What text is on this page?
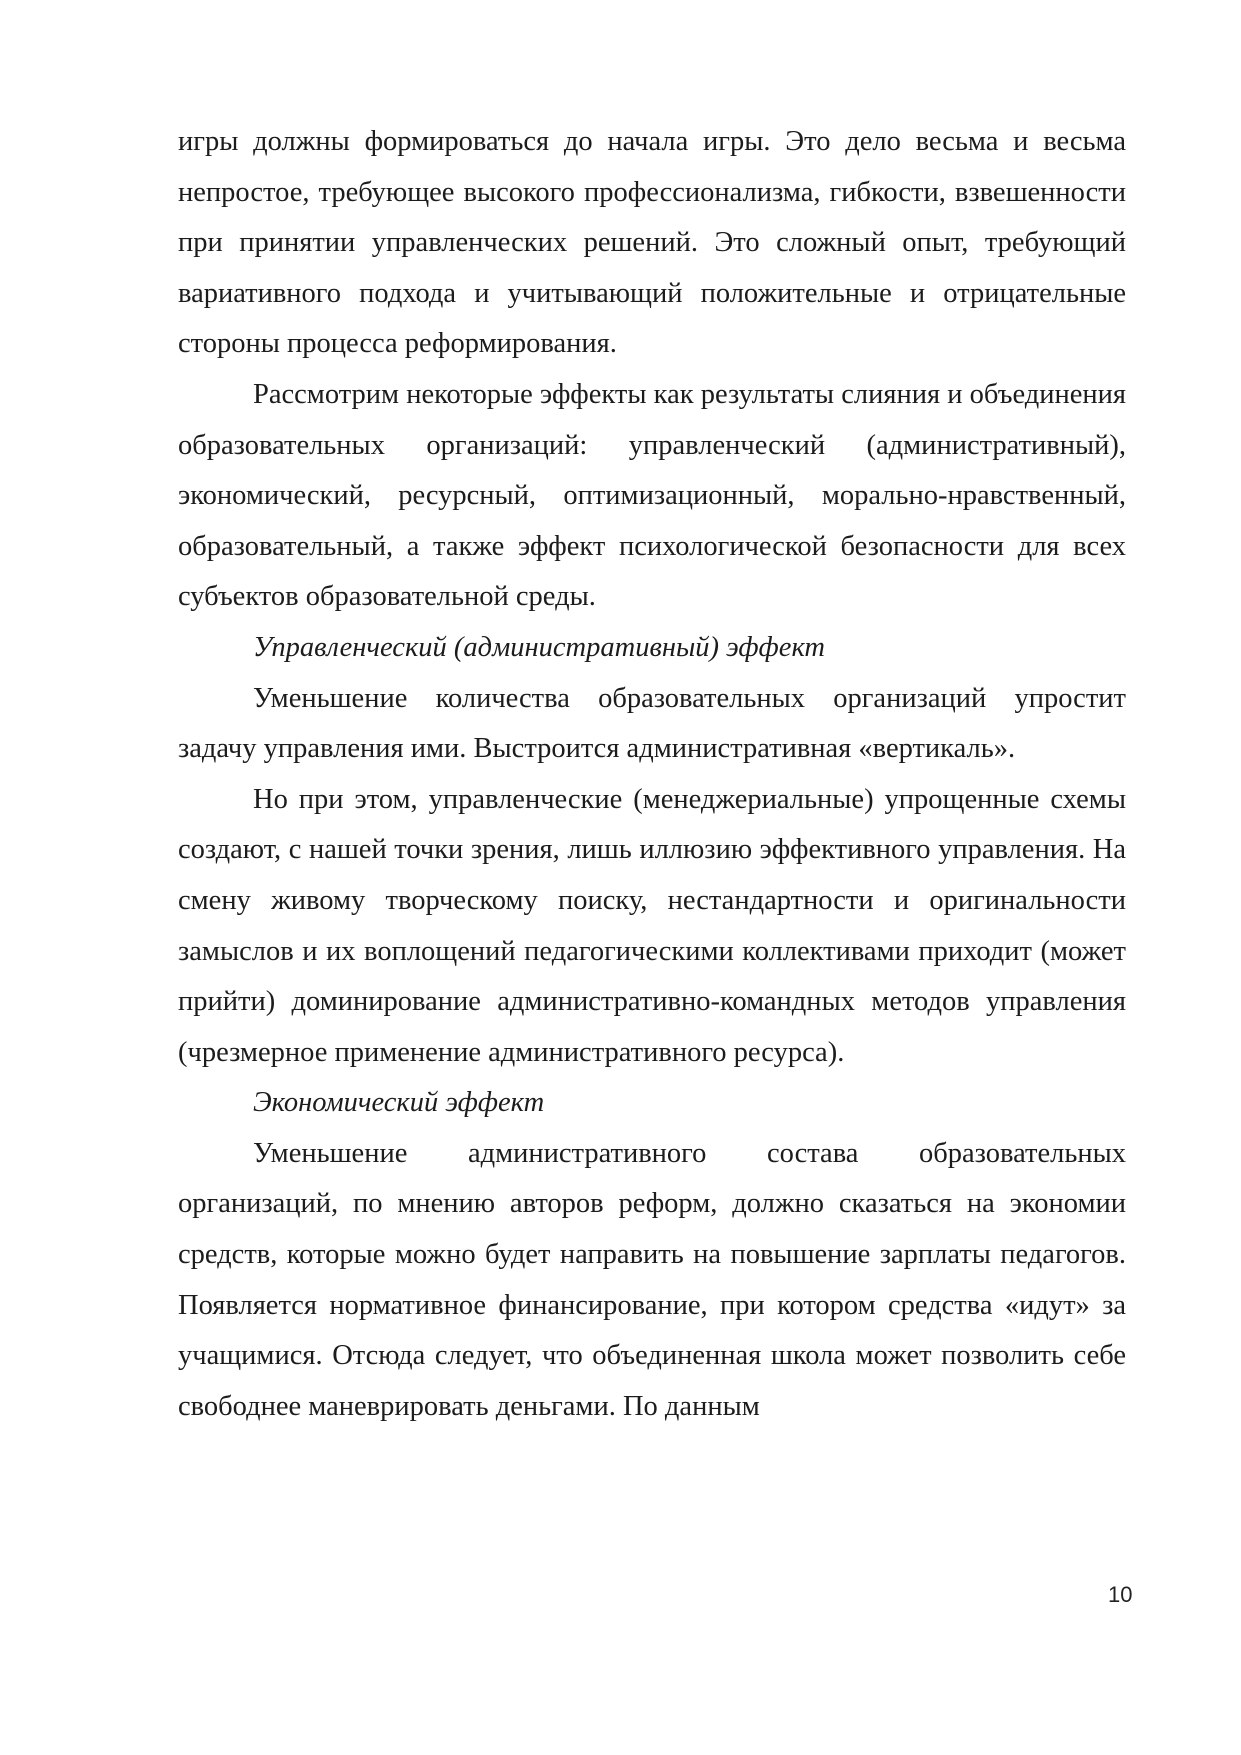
игры должны формироваться до начала игры. Это дело весьма и весьма непростое, требующее высокого профессионализма, гибкости, взвешенности при принятии управленческих решений. Это сложный опыт, требующий вариативного подхода и учитывающий положительные и отрицательные стороны процесса реформирования.

Рассмотрим некоторые эффекты как результаты слияния и объединения образовательных организаций: управленческий (административный), экономический, ресурсный, оптимизационный, морально-нравственный, образовательный, а также эффект психологической безопасности для всех субъектов образовательной среды.

Управленческий (административный) эффект

Уменьшение количества образовательных организаций упростит задачу управления ими. Выстроится административная «вертикаль».

Но при этом, управленческие (менеджериальные) упрощенные схемы создают, с нашей точки зрения, лишь иллюзию эффективного управления. На смену живому творческому поиску, нестандартности и оригинальности замыслов и их воплощений педагогическими коллективами приходит (может прийти) доминирование административно-командных методов управления (чрезмерное применение административного ресурса).

Экономический эффект

Уменьшение административного состава образовательных организаций, по мнению авторов реформ, должно сказаться на экономии средств, которые можно будет направить на повышение зарплаты педагогов. Появляется нормативное финансирование, при котором средства «идут» за учащимися. Отсюда следует, что объединенная школа может позволить себе свободнее маневрировать деньгами. По данным

10
